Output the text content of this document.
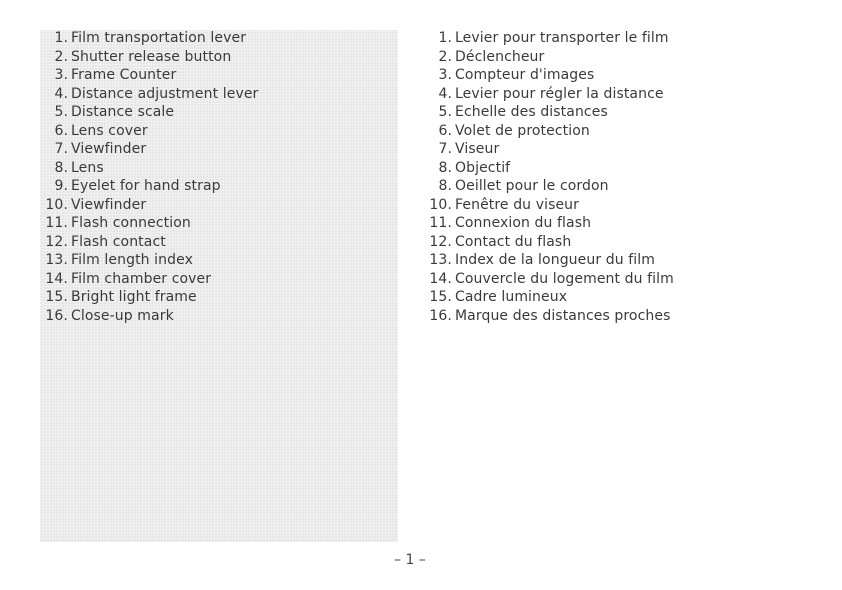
1. Film transportation lever
2. Shutter release button
3. Frame Counter
4. Distance adjustment lever
5. Distance scale
6. Lens cover
7. Viewfinder
8. Lens
9. Eyelet for hand strap
10. Viewfinder
11. Flash connection
12. Flash contact
13. Film length index
14. Film chamber cover
15. Bright light frame
16. Close-up mark
1. Levier pour transporter le film
2. Déclencheur
3. Compteur d'images
4. Levier pour régler la distance
5. Echelle des distances
6. Volet de protection
7. Viseur
8. Objectif
8. Oeillet pour le cordon
10. Fenêtre du viseur
11. Connexion du flash
12. Contact du flash
13. Index de la longueur du film
14. Couvercle du logement du film
15. Cadre lumineux
16. Marque des distances proches
– 1 –
